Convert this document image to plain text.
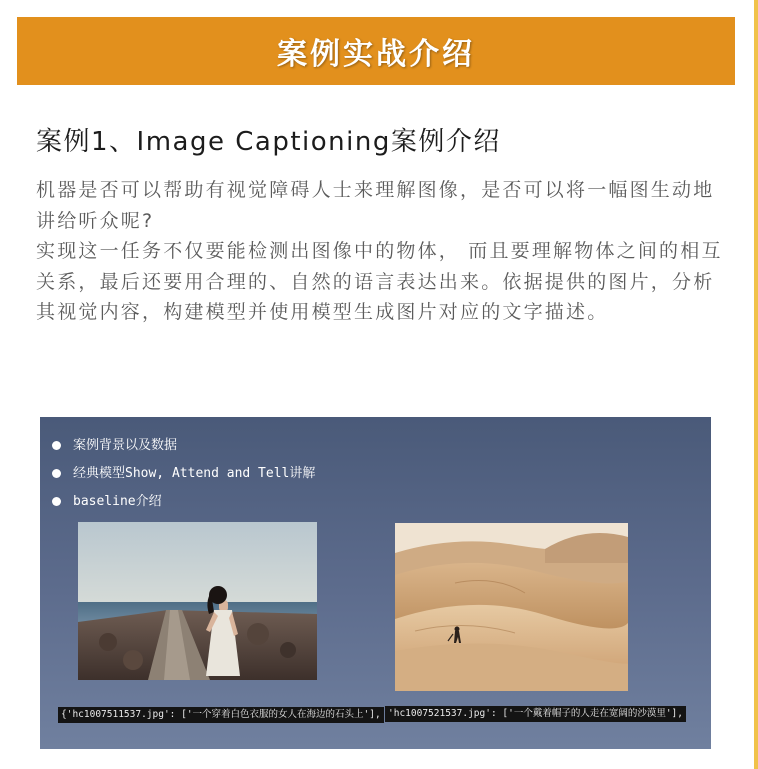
案例实战介绍
案例1、Image Captioning案例介绍

机器是否可以帮助有视觉障碍人士来理解图像，是否可以将一幅图生动地讲给听众呢?

实现这一任务不仅要能检测出图像中的物体， 而且要理解物体之间的相互关系，最后还要用合理的、自然的语言表达出来。依据提供的图片，分析其视觉内容，构建模型并使用模型生成图片对应的文字描述。

案例背景以及数据
经典模型Show, Attend and Tell讲解
baseline介绍
{'hc1007511537.jpg': ['一个穿着白色衣服的女人在海边的石头上'], 'hc1007521537.jpg': ['一个戴着帽子的人走在宽阔的沙漠里'],
